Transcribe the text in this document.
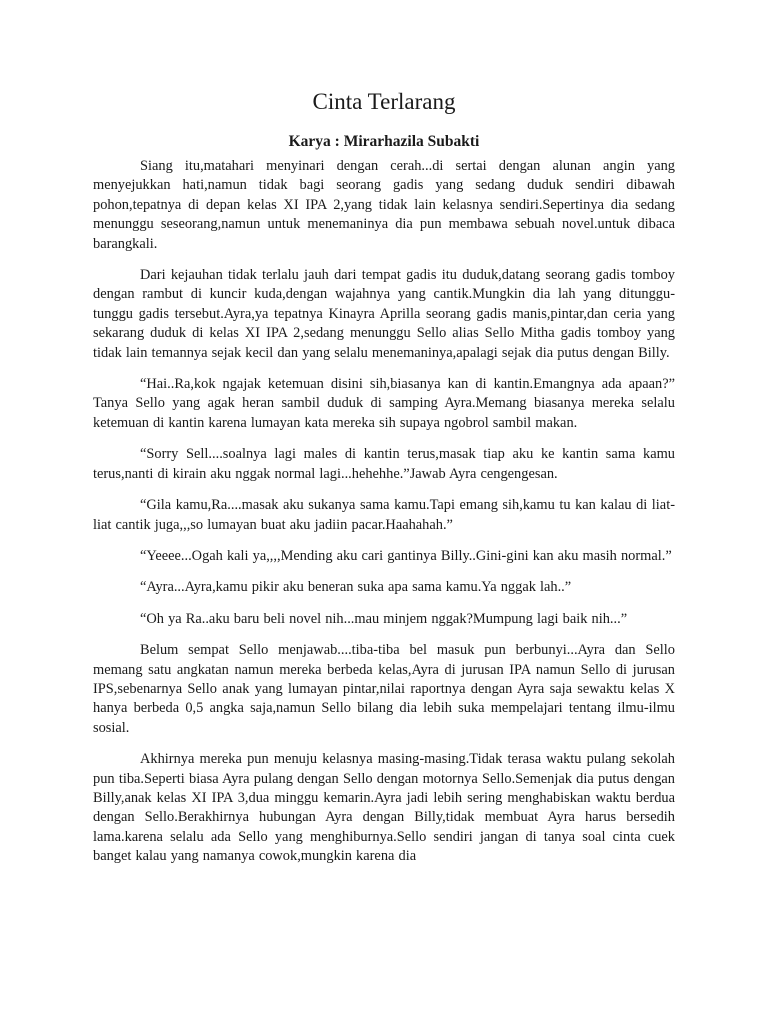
Cinta Terlarang
Karya : Mirarhazila Subakti

Siang itu,matahari menyinari dengan cerah...di sertai dengan alunan angin yang menyejukkan hati,namun tidak bagi seorang gadis yang sedang duduk sendiri dibawah pohon,tepatnya di depan kelas XI IPA 2,yang tidak lain kelasnya sendiri.Sepertinya dia sedang menunggu seseorang,namun untuk menemaninya dia pun membawa sebuah novel.untuk dibaca barangkali.

Dari kejauhan tidak terlalu jauh dari tempat gadis itu duduk,datang seorang gadis tomboy dengan rambut di kuncir kuda,dengan wajahnya yang cantik.Mungkin dia lah yang ditunggu-tunggu gadis tersebut.Ayra,ya tepatnya Kinayra Aprilla seorang gadis manis,pintar,dan ceria yang sekarang duduk di kelas XI IPA 2,sedang menunggu Sello alias Sello Mitha gadis tomboy yang tidak lain temannya sejak kecil dan yang selalu menemaninya,apalagi sejak dia putus dengan Billy.

“Hai..Ra,kok ngajak ketemuan disini sih,biasanya kan di kantin.Emangnya ada apaan?” Tanya Sello yang agak heran sambil duduk di samping Ayra.Memang biasanya mereka selalu ketemuan di kantin karena lumayan kata mereka sih supaya ngobrol sambil makan.

“Sorry Sell....soalnya lagi males di kantin terus,masak tiap aku ke kantin sama kamu terus,nanti di kirain aku nggak normal lagi...hehehhe.”Jawab Ayra cengengesan.

“Gila kamu,Ra....masak aku sukanya sama kamu.Tapi emang sih,kamu tu kan kalau di liat-liat cantik juga,,,so lumayan buat aku jadiin pacar.Haahahah.”

“Yeeee...Ogah kali ya,,,,Mending aku cari gantinya Billy..Gini-gini kan aku masih normal.”

“Ayra...Ayra,kamu pikir aku beneran suka apa sama kamu.Ya nggak lah..”

“Oh ya Ra..aku baru beli novel nih...mau minjem nggak?Mumpung lagi baik nih...”

Belum sempat Sello menjawab....tiba-tiba bel masuk pun berbunyi...Ayra dan Sello memang satu angkatan namun mereka berbeda kelas,Ayra di jurusan IPA namun Sello di jurusan IPS,sebenarnya Sello anak yang lumayan pintar,nilai raportnya dengan Ayra saja sewaktu kelas X hanya berbeda 0,5 angka saja,namun Sello bilang dia lebih suka mempelajari tentang ilmu-ilmu sosial.

Akhirnya mereka pun menuju kelasnya masing-masing.Tidak terasa waktu pulang sekolah pun tiba.Seperti biasa Ayra pulang dengan Sello dengan motornya Sello.Semenjak dia putus dengan Billy,anak kelas XI IPA 3,dua minggu kemarin.Ayra jadi lebih sering menghabiskan waktu berdua dengan Sello.Berakhirnya hubungan Ayra dengan Billy,tidak membuat Ayra harus bersedih lama.karena selalu ada Sello yang menghiburnya.Sello sendiri jangan di tanya soal cinta cuek banget kalau yang namanya cowok,mungkin karena dia
